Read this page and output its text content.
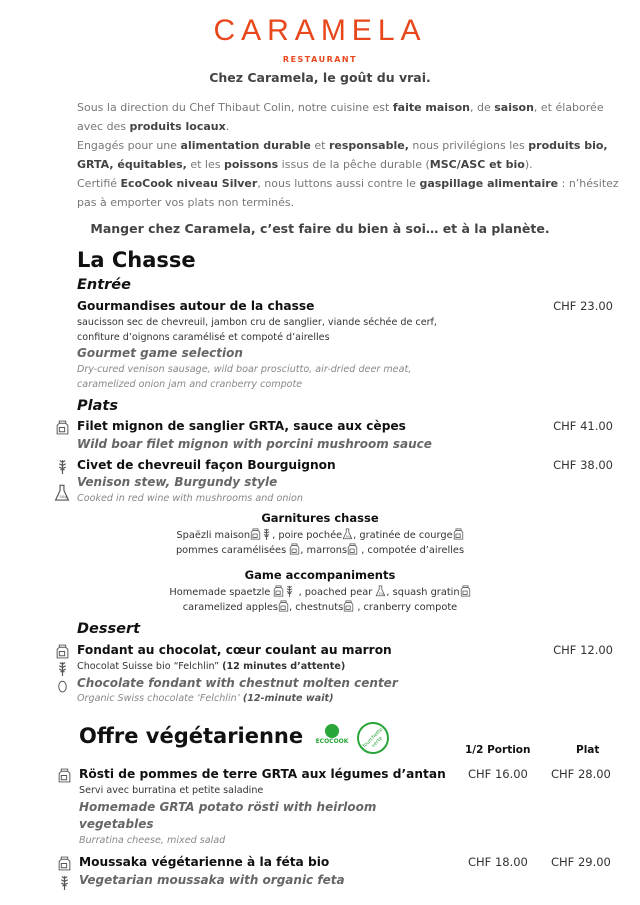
CARAMELA
RESTAURANT
Chez Caramela, le goût du vrai.
Sous la direction du Chef Thibaut Colin, notre cuisine est faite maison, de saison, et élaborée
avec des produits locaux.
Engagés pour une alimentation durable et responsable, nous privilégions les produits bio,
GRTA, équitables, et les poissons issus de la pêche durable (MSC/ASC et bio).
Certifié EcoCook niveau Silver, nous luttons aussi contre le gaspillage alimentaire : n’hésitez
pas à emporter vos plats non terminés.
Manger chez Caramela, c’est faire du bien à soi… et à la planète.
La Chasse
Entrée
Gourmandises autour de la chasse	CHF 23.00
saucisson sec de chevreuil, jambon cru de sanglier, viande séchée de cerf,
confiture d’oignons caramélisé et compoté d’airelles
Gourmet game selection
Dry-cured venison sausage, wild boar prosciutto, air-dried deer meat,
caramelized onion jam and cranberry compote
Plats
Filet mignon de sanglier GRTA, sauce aux cèpes	CHF 41.00
Wild boar filet mignon with porcini mushroom sauce
Civet de chevreuil façon Bourguignon	CHF 38.00
Venison stew, Burgundy style
Cooked in red wine with mushrooms and onion
Garnitures chasse
Spaëzli maison , poire pochée , gratinée de courge
pommes caramélisées , marrons , compotée d’airelles
Game accompaniments
Homemade spaetzle	, poached pear , squash gratin
caramelized apples , chestnuts , cranberry compote
Dessert
Fondant au chocolat, cœur coulant au marron	CHF 12.00
Chocolat Suisse bio “Felchlin” (12 minutes d’attente)
Chocolate fondant with chestnut molten center
Organic Swiss chocolate ‘Felchlin’ (12-minute wait)
Offre végétarienne ECOCOOK	fourchette verte
1/2 Portion	Plat
Rösti de pommes de terre GRTA aux légumes d’antan CHF 16.00 CHF 28.00
Servi avec burratina et petite saladine
Homemade GRTA potato rösti with heirloom
vegetables
Burratina cheese, mixed salad
Moussaka végétarienne à la féta bio	CHF 18.00 CHF 29.00
Vegetarian moussaka with organic feta
